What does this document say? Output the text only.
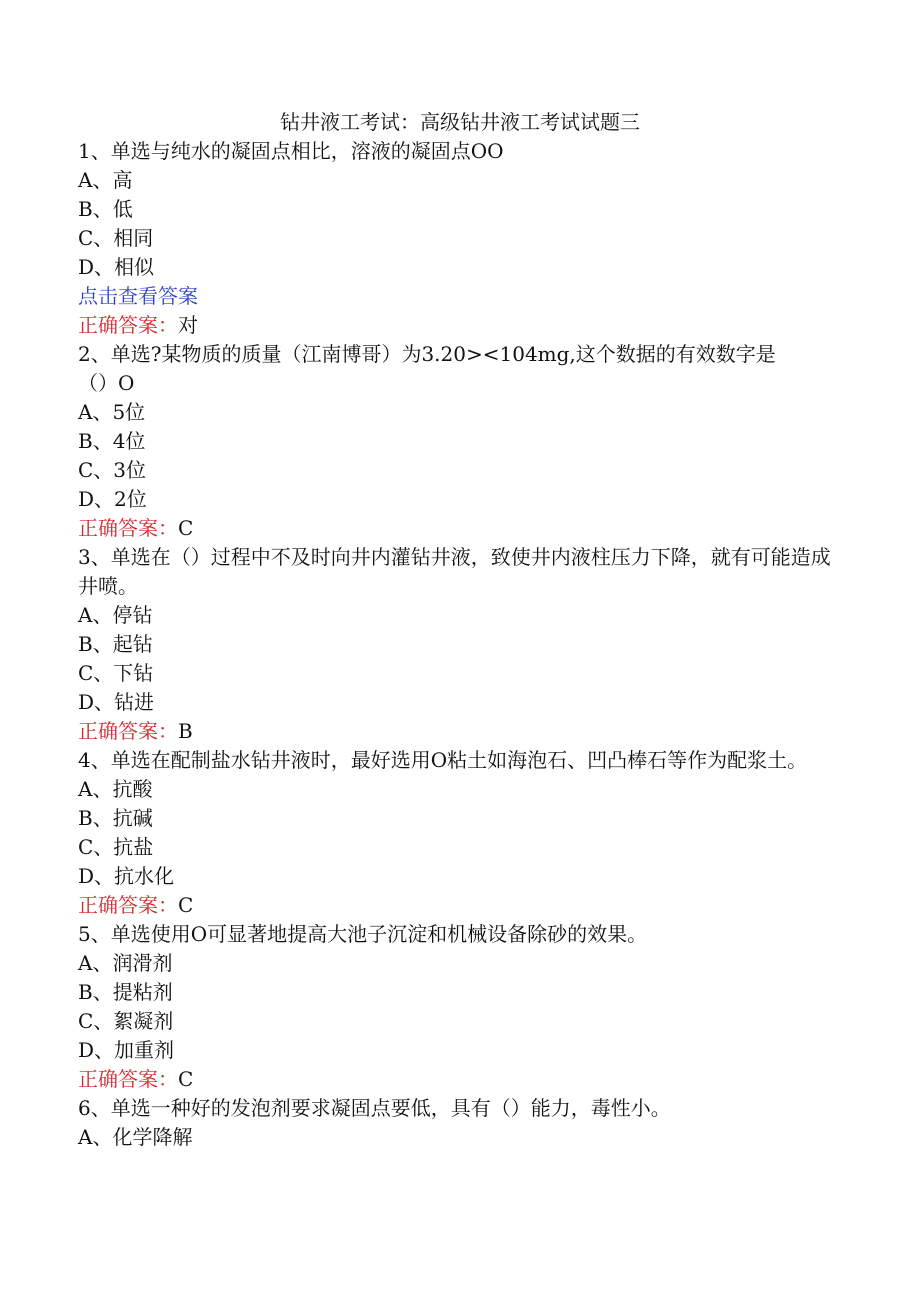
钻井液工考试：高级钻井液工考试试题三

1、单选与纯水的凝固点相比，溶液的凝固点OO

A、高

B、低

C、相同

D、相似

点击查看答案

正确答案：对

2、单选?某物质的质量（江南博哥）为3.20><104mg,这个数据的有效数字是

（）O

A、5位

B、4位

C、3位

D、2位

正确答案：C

3、单选在（）过程中不及时向井内灌钻井液，致使井内液柱压力下降，就有可能造成井喷。

A、停钻

B、起钻

C、下钻

D、钻进

正确答案：B

4、单选在配制盐水钻井液时，最好选用O粘土如海泡石、凹凸棒石等作为配浆土。

A、抗酸

B、抗碱

C、抗盐

D、抗水化

正确答案：C

5、单选使用O可显著地提高大池子沉淀和机械设备除砂的效果。

A、润滑剂

B、提粘剂

C、絮凝剂

D、加重剂

正确答案：C

6、单选一种好的发泡剂要求凝固点要低，具有（）能力，毒性小。

A、化学降解
